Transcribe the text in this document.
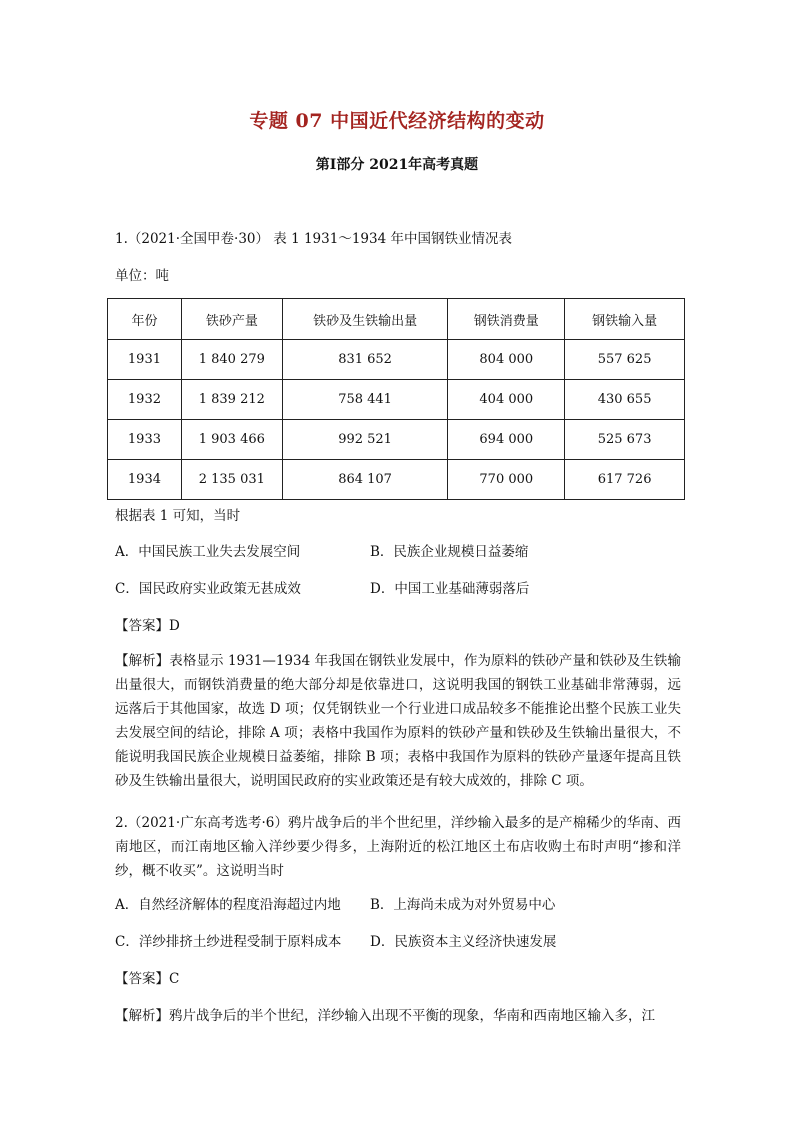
专题 07 中国近代经济结构的变动
第Ⅰ部分 2021年高考真题
1.（2021·全国甲卷·30） 表 1 1931～1934 年中国钢铁业情况表
单位：吨
年份	铁砂产量	铁砂及生铁输出量	钢铁消费量	钢铁输入量
1931	1 840 279	831 652	804 000	557 625
1932	1 839 212	758 441	404 000	430 655
1933	1 903 466	992 521	694 000	525 673
1934	2 135 031	864 107	770 000	617 726
根据表 1 可知，当时
A．中国民族工业失去发展空间	B．民族企业规模日益萎缩
C．国民政府实业政策无甚成效	D．中国工业基础薄弱落后
【答案】D
【解析】表格显示 1931—1934 年我国在钢铁业发展中，作为原料的铁砂产量和铁砂及生铁输出量很大，而钢铁消费量的绝大部分却是依靠进口，这说明我国的钢铁工业基础非常薄弱，远远落后于其他国家，故选 D 项；仅凭钢铁业一个行业进口成品较多不能推论出整个民族工业失去发展空间的结论，排除 A 项；表格中我国作为原料的铁砂产量和铁砂及生铁输出量很大，不能说明我国民族企业规模日益萎缩，排除 B 项；表格中我国作为原料的铁砂产量逐年提高且铁砂及生铁输出量很大，说明国民政府的实业政策还是有较大成效的，排除 C 项。
2.（2021·广东高考选考·6）鸦片战争后的半个世纪里，洋纱输入最多的是产棉稀少的华南、西南地区，而江南地区输入洋纱要少得多，上海附近的松江地区土布店收购土布时声明“掺和洋纱，概不收买”。这说明当时
A．自然经济解体的程度沿海超过内地 B．上海尚未成为对外贸易中心
C．洋纱排挤土纱进程受制于原料成本 D．民族资本主义经济快速发展
【答案】C
【解析】鸦片战争后的半个世纪，洋纱输入出现不平衡的现象，华南和西南地区输入多，江
